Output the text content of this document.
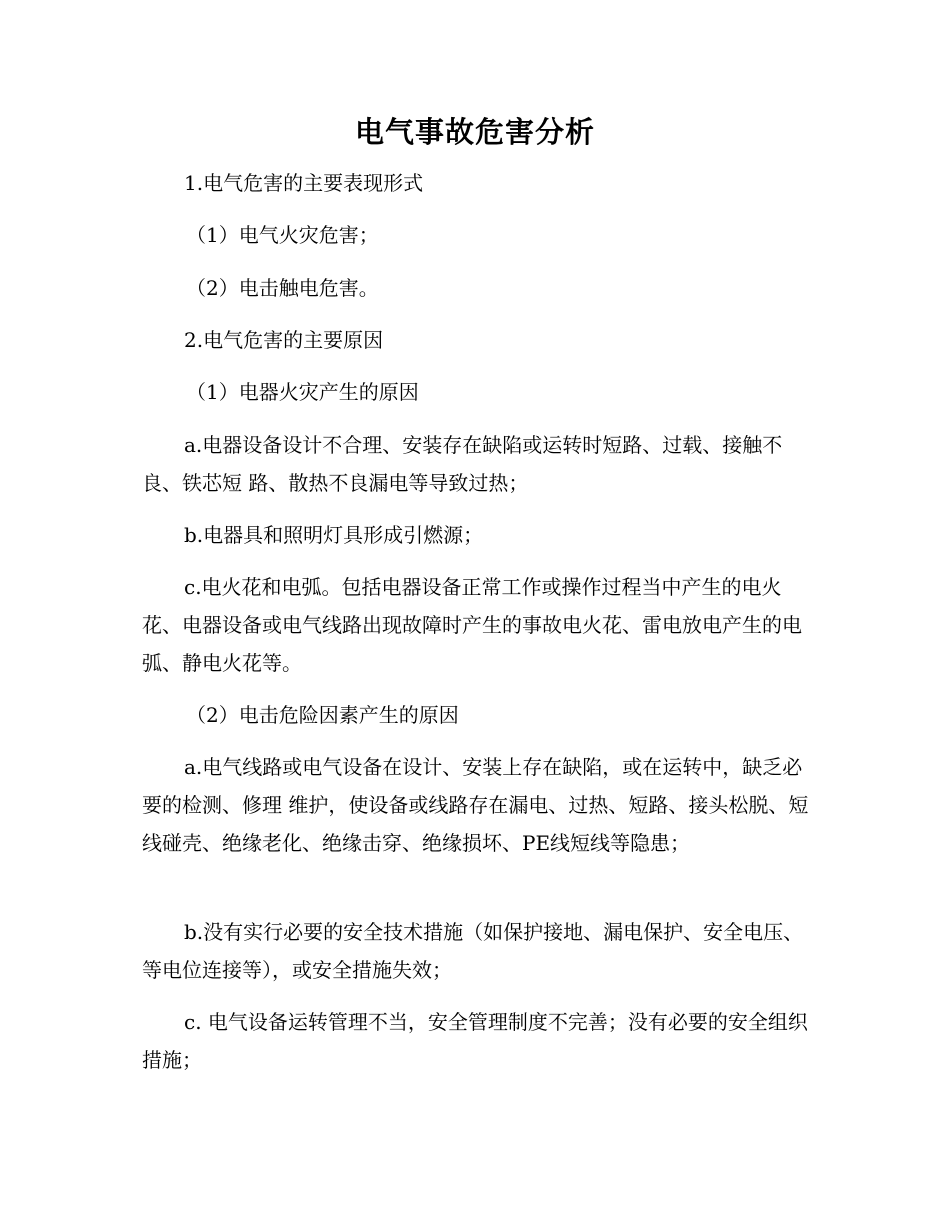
电气事故危害分析

1.电气危害的主要表现形式

（1）电气火灾危害；

（2）电击触电危害。

2.电气危害的主要原因

（1）电器火灾产生的原因

a.电器设备设计不合理、安装存在缺陷或运转时短路、过载、接触不良、铁芯短 路、散热不良漏电等导致过热；

b.电器具和照明灯具形成引燃源；

c.电火花和电弧。包括电器设备正常工作或操作过程当中产生的电火花、电器设备或电气线路出现故障时产生的事故电火花、雷电放电产生的电弧、静电火花等。

（2）电击危险因素产生的原因

a.电气线路或电气设备在设计、安装上存在缺陷，或在运转中，缺乏必要的检测、修理 维护，使设备或线路存在漏电、过热、短路、接头松脱、短线碰壳、绝缘老化、绝缘击穿、绝缘损坏、PE线短线等隐患；

b.没有实行必要的安全技术措施（如保护接地、漏电保护、安全电压、等电位连接等），或安全措施失效；

c. 电气设备运转管理不当，安全管理制度不完善；没有必要的安全组织措施；
